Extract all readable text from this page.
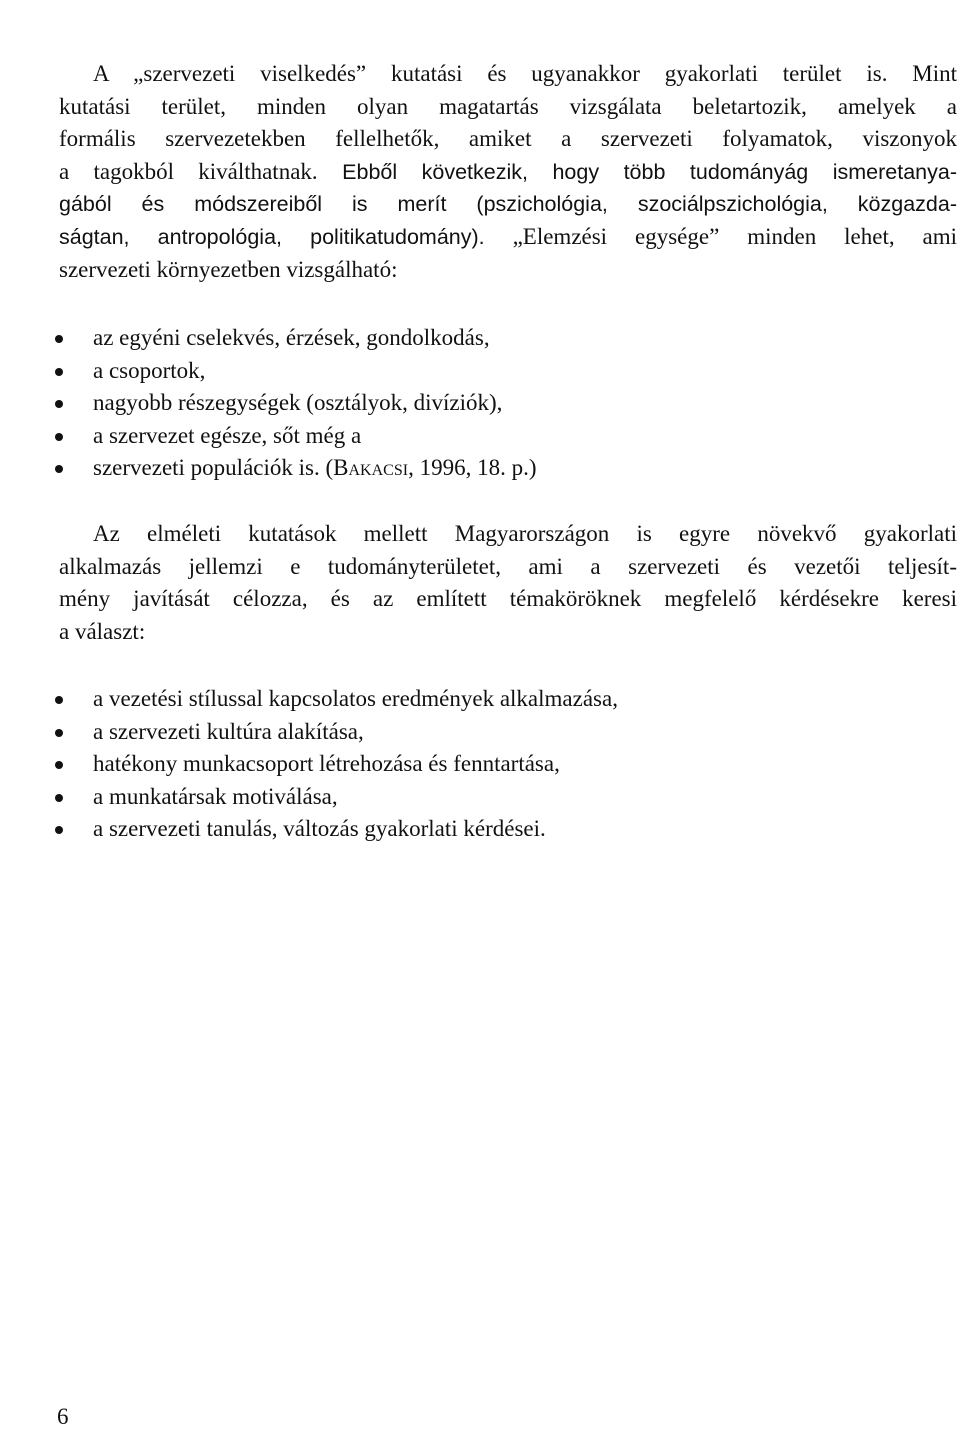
A „szervezeti viselkedés” kutatási és ugyanakkor gyakorlati terület is. Mint
kutatási terület, minden olyan magatartás vizsgálata beletartozik, amelyek a
formális szervezetekben fellelhetők, amiket a szervezeti folyamatok, viszonyok
a tagokból kiválthatnak. Ebből következik, hogy több tudományág ismeretanya-
gából és módszereiből is merít (pszichológia, szociálpszichológia, közgazda-
ságtan, antropológia, politikatudomány). „Elemzési egysége” minden lehet, ami
szervezeti környezetben vizsgálható:

az egyéni cselekvés, érzések, gondolkodás,
a csoportok,
nagyobb részegységek (osztályok, divíziók),
a szervezet egésze, sőt még a
szervezeti populációk is. (Bakacsi, 1996, 18. p.)

Az elméleti kutatások mellett Magyarországon is egyre növekvő gyakorlati
alkalmazás jellemzi e tudományterületet, ami a szervezeti és vezetői teljesít-
mény javítását célozza, és az említett témaköröknek megfelelő kérdésekre keresi
a választ:

a vezetési stílussal kapcsolatos eredmények alkalmazása,
a szervezeti kultúra alakítása,
hatékony munkacsoport létrehozása és fenntartása,
a munkatársak motiválása,
a szervezeti tanulás, változás gyakorlati kérdései.
6
